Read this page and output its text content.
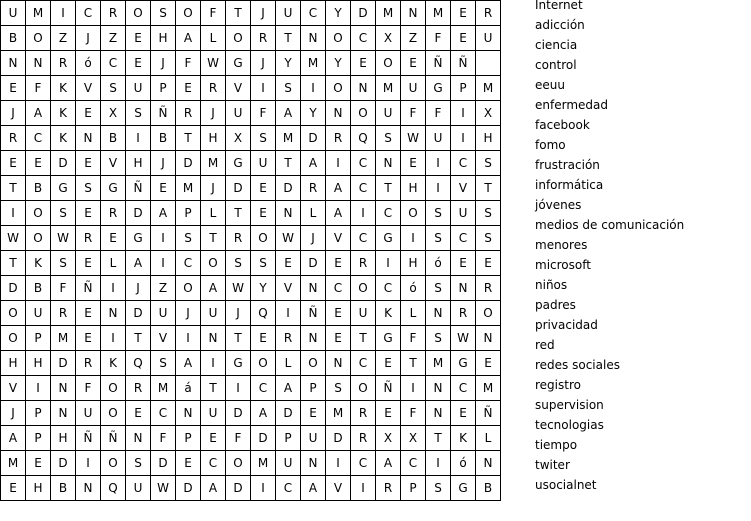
U	M	I	C	R	O	S	O	F	T	J	U	C	Y	D	M	N	M	E	R
B	O	Z	J	Z	E	H	A	L	O	R	T	N	O	C	X	Z	F	E	U
N	N	R	ó	C	E	J	F	W	G	J	Y	M	Y	E	O	E	Ñ	Ñ	
E	F	K	V	S	U	P	E	R	V	I	S	I	O	N	M	U	G	P	M
J	A	K	E	X	S	Ñ	R	J	U	F	A	Y	N	O	U	F	F	I	X
R	C	K	N	B	I	B	T	H	X	S	M	D	R	Q	S	W	U	I	H
E	E	D	E	V	H	J	D	M	G	U	T	A	I	C	N	E	I	C	S
T	B	G	S	G	Ñ	E	M	J	D	E	D	R	A	C	T	H	I	V	T
I	O	S	E	R	D	A	P	L	T	E	N	L	A	I	C	O	S	U	S
W	O	W	R	E	G	I	S	T	R	O	W	J	V	C	G	I	S	C	S
T	K	S	E	L	A	I	C	O	S	S	E	D	E	R	I	H	ó	E	E
D	B	F	Ñ	I	J	Z	O	A	W	Y	V	N	C	O	C	ó	S	N	R
O	U	R	E	N	D	U	J	U	J	Q	I	Ñ	E	U	K	L	N	R	O
O	P	M	E	I	T	V	I	N	T	E	R	N	E	T	G	F	S	W	N
H	H	D	R	K	Q	S	A	I	G	O	L	O	N	C	E	T	M	G	E
V	I	N	F	O	R	M	á	T	I	C	A	P	S	O	Ñ	I	N	C	M
J	P	N	U	O	E	C	N	U	D	A	D	E	M	R	E	F	N	E	Ñ
A	P	H	Ñ	Ñ	N	F	P	E	F	D	P	U	D	R	X	X	T	K	L
M	E	D	I	O	S	D	E	C	O	M	U	N	I	C	A	C	I	ó	N
E	H	B	N	Q	U	W	D	A	D	I	C	A	V	I	R	P	S	G	B
Internet
adicción
ciencia
control
eeuu
enfermedad
facebook
fomo
frustración
informática
jóvenes
medios de comunicación
menores
microsoft
niños
padres
privacidad
red
redes sociales
registro
supervision
tecnologias
tiempo
twiter
usocialnet
